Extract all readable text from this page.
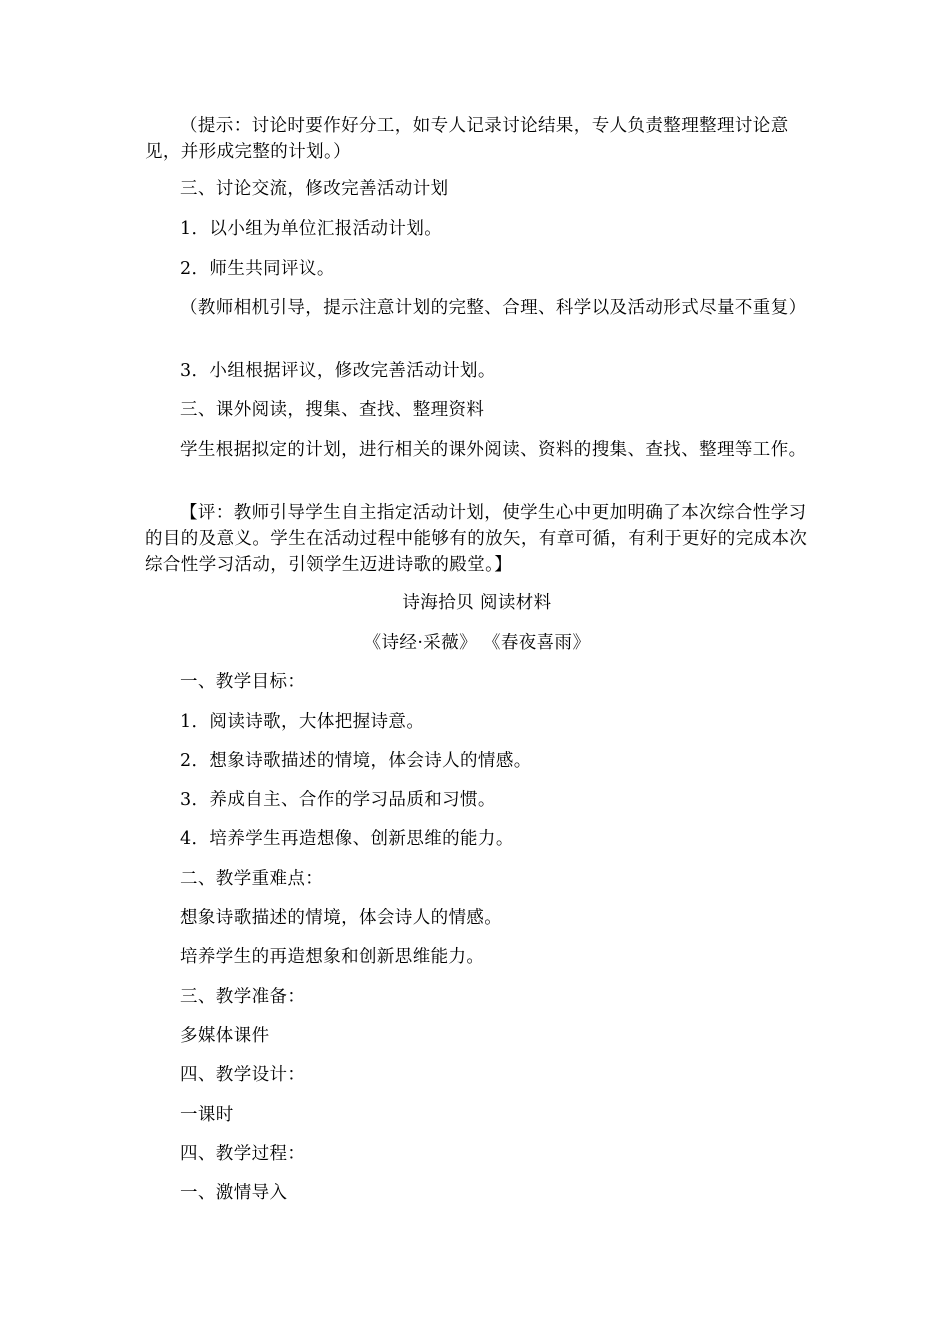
（提示：讨论时要作好分工，如专人记录讨论结果，专人负责整理整理讨论意见，并形成完整的计划。）

三、讨论交流，修改完善活动计划

1．以小组为单位汇报活动计划。

2．师生共同评议。

（教师相机引导，提示注意计划的完整、合理、科学以及活动形式尽量不重复）

3．小组根据评议，修改完善活动计划。

三、课外阅读，搜集、查找、整理资料

学生根据拟定的计划，进行相关的课外阅读、资料的搜集、查找、整理等工作。

【评：教师引导学生自主指定活动计划，使学生心中更加明确了本次综合性学习的目的及意义。学生在活动过程中能够有的放矢，有章可循，有利于更好的完成本次综合性学习活动，引领学生迈进诗歌的殿堂。】

诗海拾贝 阅读材料

《诗经·采薇》 《春夜喜雨》

一、教学目标：

1．阅读诗歌，大体把握诗意。

2．想象诗歌描述的情境，体会诗人的情感。

3．养成自主、合作的学习品质和习惯。

4．培养学生再造想像、创新思维的能力。

二、教学重难点：

想象诗歌描述的情境，体会诗人的情感。

培养学生的再造想象和创新思维能力。

三、教学准备：

多媒体课件

四、教学设计：

一课时

四、教学过程：

一、激情导入
